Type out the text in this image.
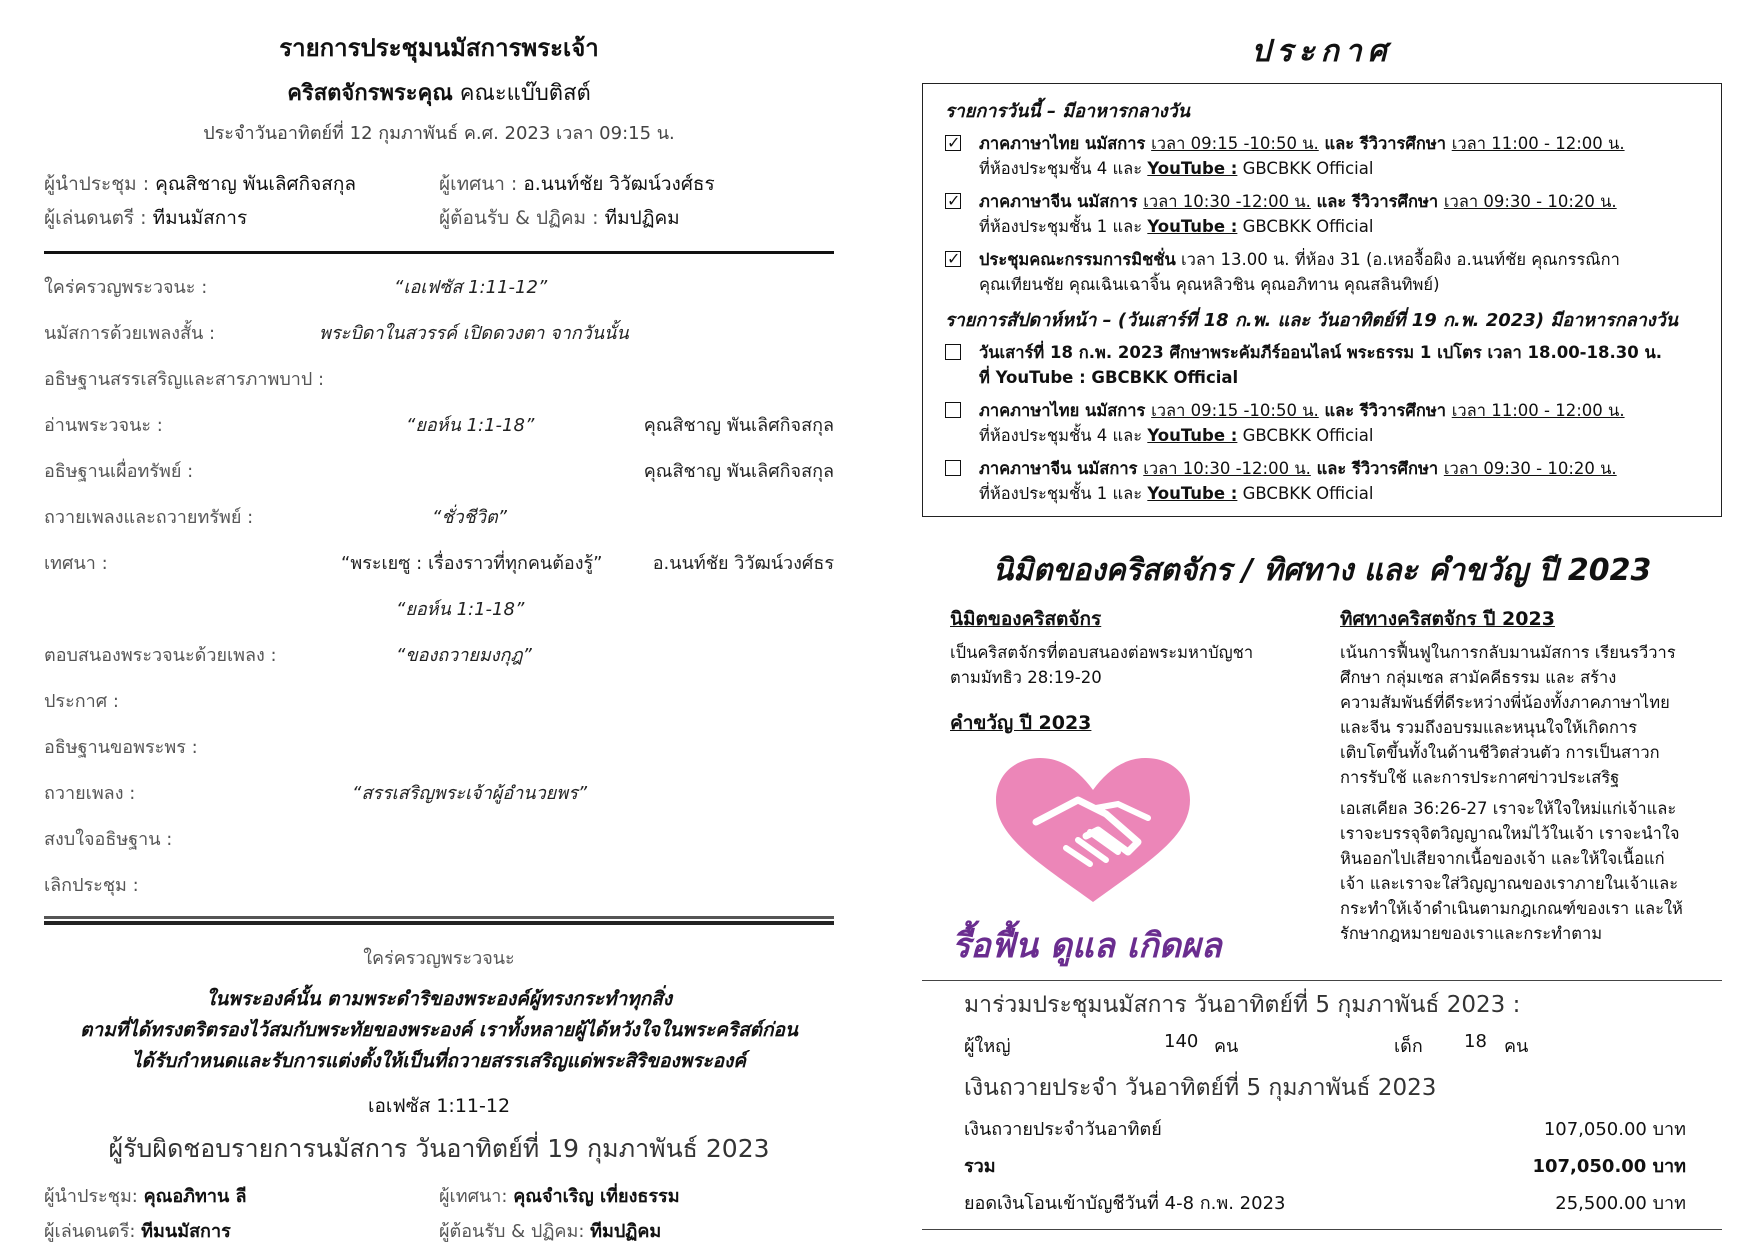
รายการประชุมนมัสการพระเจ้า
คริสตจักรพระคุณ คณะแบ๊บติสต์
ประจำวันอาทิตย์ที่ 12 กุมภาพันธ์ ค.ศ. 2023 เวลา 09:15 น.
ผู้นำประชุม : คุณสิชาญ พันเลิศกิจสกุล	ผู้เทศนา : อ.นนท์ชัย วิวัฒน์วงศ์ธร
ผู้เล่นดนตรี : ทีมนมัสการ	ผู้ต้อนรับ & ปฏิคม : ทีมปฏิคม
ใคร่ครวญพระวจนะ :	“เอเฟซัส 1:11-12”
นมัสการด้วยเพลงสั้น :	พระบิดาในสวรรค์ เปิดดวงตา จากวันนั้น
อธิษฐานสรรเสริญและสารภาพบาป :
อ่านพระวจนะ :	“ยอห์น 1:1-18”	คุณสิชาญ พันเลิศกิจสกุล
อธิษฐานเผื่อทรัพย์ :	คุณสิชาญ พันเลิศกิจสกุล
ถวายเพลงและถวายทรัพย์ :	“ชั่วชีวิต”
เทศนา :	“พระเยซู : เรื่องราวที่ทุกคนต้องรู้”	อ.นนท์ชัย วิวัฒน์วงศ์ธร
“ยอห์น 1:1-18”
ตอบสนองพระวจนะด้วยเพลง :	“ของถวายมงกุฎ”
ประกาศ :
อธิษฐานขอพระพร :
ถวายเพลง :	“สรรเสริญพระเจ้าผู้อำนวยพร”
สงบใจอธิษฐาน :
เลิกประชุม :
ใคร่ครวญพระวจนะ
ในพระองค์นั้น ตามพระดำริของพระองค์ผู้ทรงกระทำทุกสิ่ง
ตามที่ได้ทรงตริตรองไว้สมกับพระทัยของพระองค์ เราทั้งหลายผู้ได้หวังใจในพระคริสต์ก่อน
ได้รับกำหนดและรับการแต่งตั้งให้เป็นที่ถวายสรรเสริญแด่พระสิริของพระองค์
เอเฟซัส 1:11-12
ผู้รับผิดชอบรายการนมัสการ วันอาทิตย์ที่ 19 กุมภาพันธ์ 2023
ผู้นำประชุม: คุณอภิทาน ลี	ผู้เทศนา: คุณจำเริญ เที่ยงธรรม
ผู้เล่นดนตรี: ทีมนมัสการ	ผู้ต้อนรับ & ปฏิคม: ทีมปฏิคม
ประกาศ
รายการวันนี้ – มีอาหารกลางวัน
✓
ภาคภาษาไทย นมัสการ เวลา 09:15 -10:50 น. และ รีวิวารศึกษา เวลา 11:00 - 12:00 น.
ที่ห้องประชุมชั้น 4 และ YouTube : GBCBKK Official
✓
ภาคภาษาจีน นมัสการ เวลา 10:30 -12:00 น. และ รีวิวารศึกษา เวลา 09:30 - 10:20 น.
ที่ห้องประชุมชั้น 1 และ YouTube : GBCBKK Official
✓
ประชุมคณะกรรมการมิชชั่น เวลา 13.00 น. ที่ห้อง 31 (อ.เหอจื้อผิง อ.นนท์ชัย คุณกรรณิกา
คุณเทียนชัย คุณเฉินเฉาจิ้น คุณหลิวชิน คุณอภิทาน คุณสลินทิพย์)
รายการสัปดาห์หน้า – (วันเสาร์ที่ 18 ก.พ. และ วันอาทิตย์ที่ 19 ก.พ. 2023) มีอาหารกลางวัน
วันเสาร์ที่ 18 ก.พ. 2023 ศึกษาพระคัมภีร์ออนไลน์ พระธรรม 1 เปโตร เวลา 18.00-18.30 น.
ที่ YouTube : GBCBKK Official
ภาคภาษาไทย นมัสการ เวลา 09:15 -10:50 น. และ รีวิวารศึกษา เวลา 11:00 - 12:00 น.
ที่ห้องประชุมชั้น 4 และ YouTube : GBCBKK Official
ภาคภาษาจีน นมัสการ เวลา 10:30 -12:00 น. และ รีวิวารศึกษา เวลา 09:30 - 10:20 น.
ที่ห้องประชุมชั้น 1 และ YouTube : GBCBKK Official
นิมิตของคริสตจักร / ทิศทาง และ คำขวัญ ปี 2023
นิมิตของคริสตจักร
เป็นคริสตจักรที่ตอบสนองต่อพระมหาบัญชา
ตามมัทธิว 28:19-20
คำขวัญ ปี 2023
รื้อฟื้น ดูแล เกิดผล
ทิศทางคริสตจักร ปี 2023
เน้นการฟื้นฟูในการกลับมานมัสการ เรียนรวีวาร
ศึกษา กลุ่มเซล สามัคคีธรรม และ สร้าง
ความสัมพันธ์ที่ดีระหว่างพี่น้องทั้งภาคภาษาไทย
และจีน รวมถึงอบรมและหนุนใจให้เกิดการ
เติบโตขึ้นทั้งในด้านชีวิตส่วนตัว การเป็นสาวก
การรับใช้ และการประกาศข่าวประเสริฐ
เอเสเคียล 36:26-27 เราจะให้ใจใหม่แก่เจ้าและ
เราจะบรรจุจิตวิญญาณใหม่ไว้ในเจ้า เราจะนำใจ
หินออกไปเสียจากเนื้อของเจ้า และให้ใจเนื้อแก่
เจ้า และเราจะใส่วิญญาณของเราภายในเจ้าและ
กระทำให้เจ้าดำเนินตามกฎเกณฑ์ของเรา และให้
รักษากฎหมายของเราและกระทำตาม
มาร่วมประชุมนมัสการ วันอาทิตย์ที่ 5 กุมภาพันธ์ 2023 :
ผู้ใหญ่	140 คน	เด็ก	18 คน
เงินถวายประจำ วันอาทิตย์ที่ 5 กุมภาพันธ์ 2023
เงินถวายประจำวันอาทิตย์	107,050.00 บาท
รวม	107,050.00 บาท
ยอดเงินโอนเข้าบัญชีวันที่ 4-8 ก.พ. 2023	25,500.00 บาท
